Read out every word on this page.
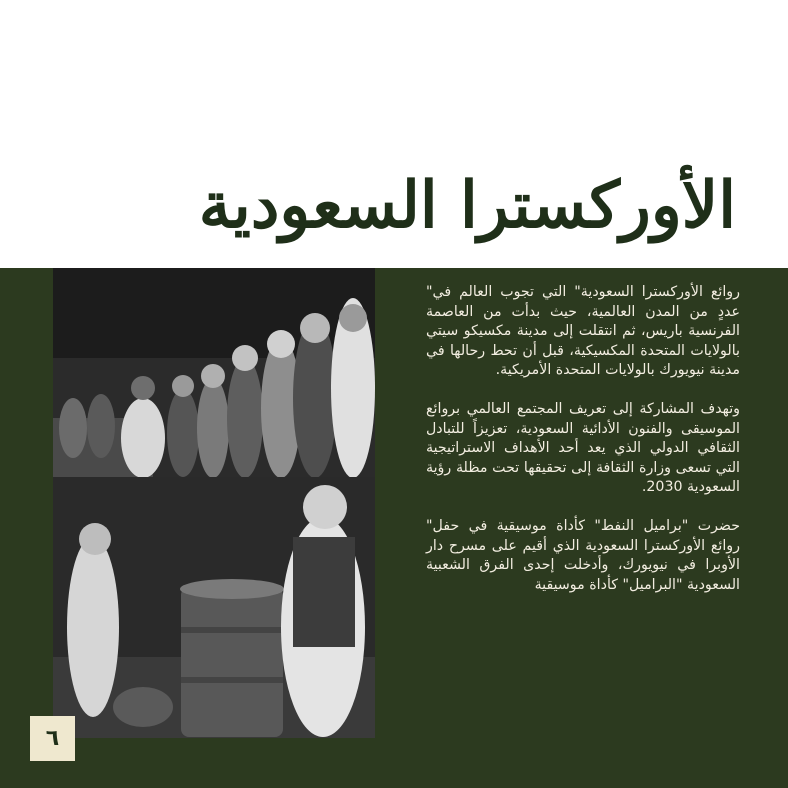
الأوركسترا السعودية

روائع الأوركسترا السعودية" التي تجوب العالم في" عددٍ من المدن العالمية، حيث بدأت من العاصمة الفرنسية باريس، ثم انتقلت إلى مدينة مكسيكو سيتي بالولايات المتحدة المكسيكية، قبل أن تحط رحالها في مدينة نيويورك بالولايات المتحدة الأمريكية.

وتهدف المشاركة إلى تعريف المجتمع العالمي بروائع الموسيقى والفنون الأدائية السعودية، تعزيزاً للتبادل الثقافي الدولي الذي يعد أحد الأهداف الاستراتيجية التي تسعى وزارة الثقافة إلى تحقيقها تحت مظلة رؤية السعودية 2030.

حضرت "براميل النفط" كأداة موسيقية في حفل" روائع الأوركسترا السعودية الذي أقيم على مسرح دار الأوبرا في نيويورك، وأدخلت إحدى الفرق الشعبية السعودية "البراميل" كأداة موسيقية

٦
